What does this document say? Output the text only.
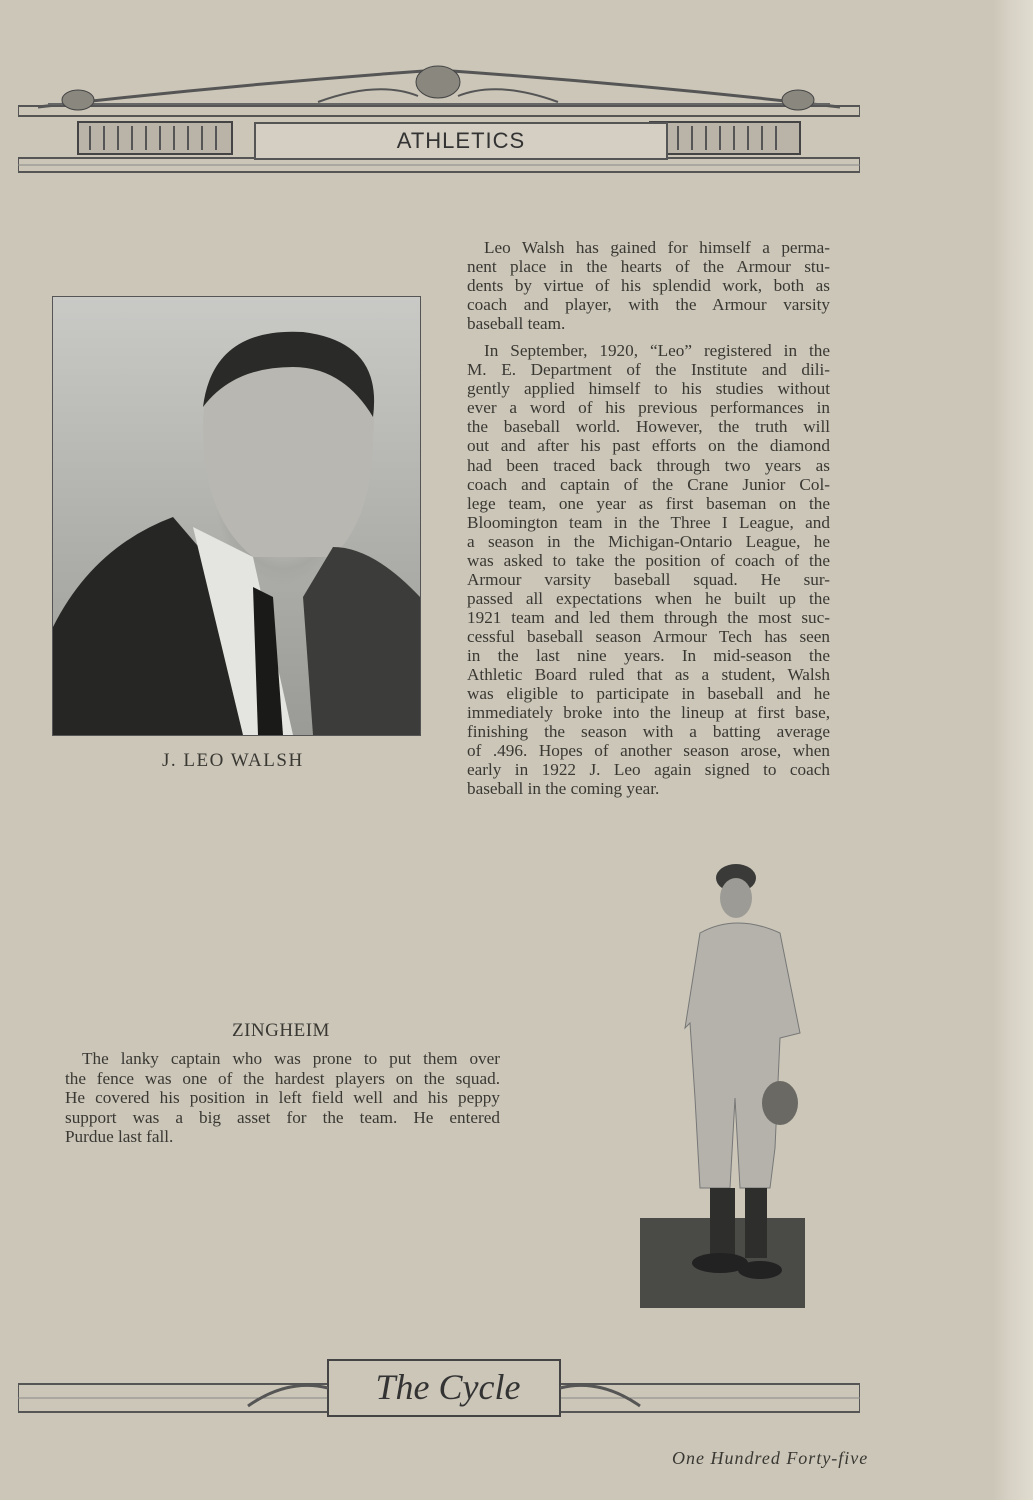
ATHLETICS
J. LEO WALSH
Leo Walsh has gained for himself a perma-
nent place in the hearts of the Armour stu-
dents by virtue of his splendid work, both as
coach and player, with the Armour varsity
baseball team.
In September, 1920, “Leo” registered in the
M. E. Department of the Institute and dili-
gently applied himself to his studies without
ever a word of his previous performances in
the baseball world. However, the truth will
out and after his past efforts on the diamond
had been traced back through two years as
coach and captain of the Crane Junior Col-
lege team, one year as first baseman on the
Bloomington team in the Three I League, and
a season in the Michigan-Ontario League, he
was asked to take the position of coach of the
Armour varsity baseball squad. He sur-
passed all expectations when he built up the
1921 team and led them through the most suc-
cessful baseball season Armour Tech has seen
in the last nine years. In mid-season the
Athletic Board ruled that as a student, Walsh
was eligible to participate in baseball and he
immediately broke into the lineup at first base,
finishing the season with a batting average
of .496. Hopes of another season arose, when
early in 1922 J. Leo again signed to coach
baseball in the coming year.
ZINGHEIM
The lanky captain who was prone to put them over
the fence was one of the hardest players on the squad.
He covered his position in left field well and his peppy
support was a big asset for the team. He entered
Purdue last fall.
The Cycle
One Hundred Forty-five
